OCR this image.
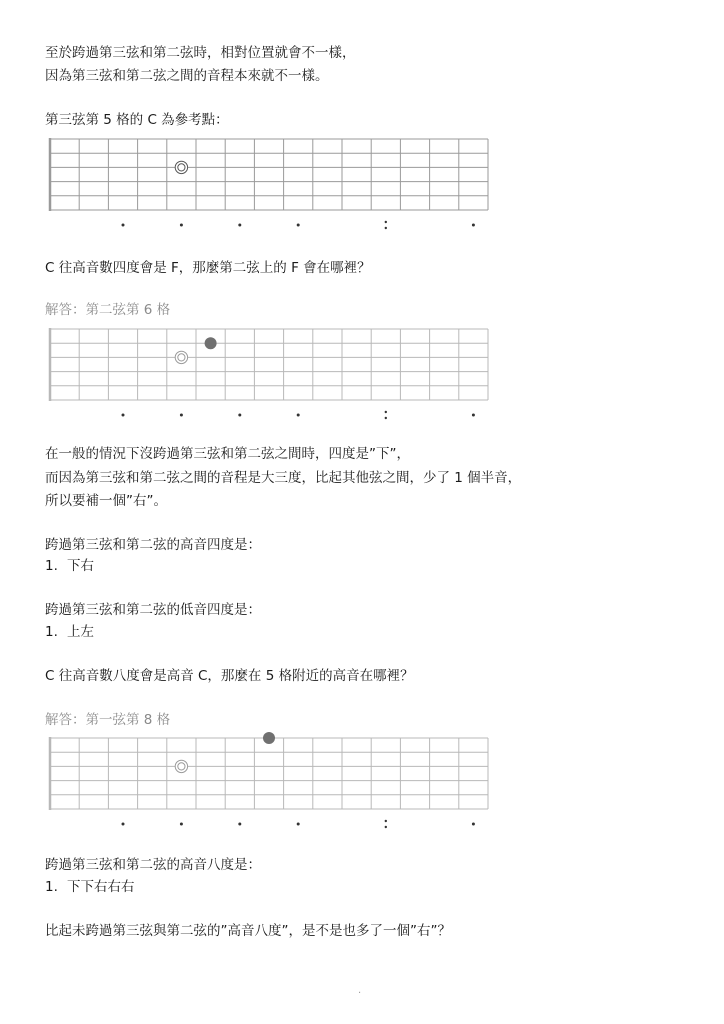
至於跨過第三弦和第二弦時，相對位置就會不一樣，
因為第三弦和第二弦之間的音程本來就不一樣。
第三弦第 5 格的 C 為參考點：
C 往高音數四度會是 F，那麼第二弦上的 F 會在哪裡？
解答：第二弦第 6 格
在一般的情況下沒跨過第三弦和第二弦之間時，四度是”下”，
而因為第三弦和第二弦之間的音程是大三度，比起其他弦之間，少了 1 個半音，
所以要補一個”右”。
跨過第三弦和第二弦的高音四度是：
1. 下右
跨過第三弦和第二弦的低音四度是：
1. 上左
C 往高音數八度會是高音 C，那麼在 5 格附近的高音在哪裡？
解答：第一弦第 8 格
跨過第三弦和第二弦的高音八度是：
1. 下下右右右
比起未跨過第三弦與第二弦的”高音八度”，是不是也多了一個”右”？
.
